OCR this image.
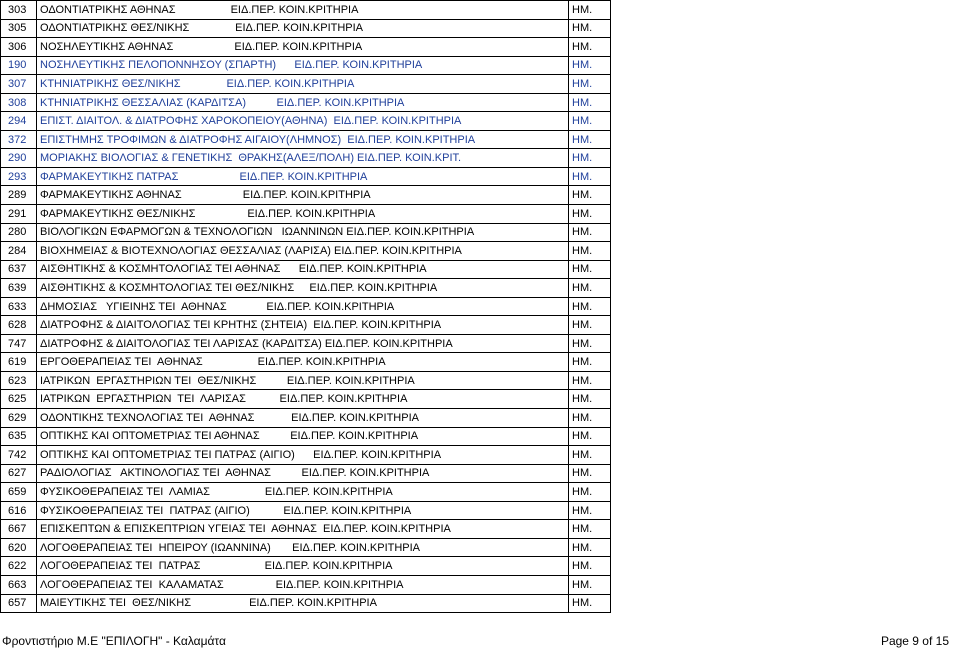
303	ΟΔΟΝΤΙΑΤΡΙΚΗΣ ΑΘΗΝΑΣ                  ΕΙΔ.ΠΕΡ. ΚΟΙΝ.ΚΡΙΤΗΡΙΑ	ΗΜ.
305	ΟΔΟΝΤΙΑΤΡΙΚΗΣ ΘΕΣ/ΝΙΚΗΣ               ΕΙΔ.ΠΕΡ. ΚΟΙΝ.ΚΡΙΤΗΡΙΑ	ΗΜ.
306	ΝΟΣΗΛΕΥΤΙΚΗΣ ΑΘΗΝΑΣ                    ΕΙΔ.ΠΕΡ. ΚΟΙΝ.ΚΡΙΤΗΡΙΑ	ΗΜ.
190	ΝΟΣΗΛΕΥΤΙΚΗΣ ΠΕΛΟΠΟΝΝΗΣΟΥ (ΣΠΑΡΤΗ)      ΕΙΔ.ΠΕΡ. ΚΟΙΝ.ΚΡΙΤΗΡΙΑ	ΗΜ.
307	ΚΤΗΝΙΑΤΡΙΚΗΣ ΘΕΣ/ΝΙΚΗΣ               ΕΙΔ.ΠΕΡ. ΚΟΙΝ.ΚΡΙΤΗΡΙΑ	ΗΜ.
308	ΚΤΗΝΙΑΤΡΙΚΗΣ ΘΕΣΣΑΛΙΑΣ (ΚΑΡΔΙΤΣΑ)          ΕΙΔ.ΠΕΡ. ΚΟΙΝ.ΚΡΙΤΗΡΙΑ	ΗΜ.
294	ΕΠΙΣΤ. ΔΙΑΙΤΟΛ. & ΔΙΑΤΡΟΦΗΣ ΧΑΡΟΚΟΠΕΙΟΥ(ΑΘΗΝΑ)  ΕΙΔ.ΠΕΡ. ΚΟΙΝ.ΚΡΙΤΗΡΙΑ	ΗΜ.
372	ΕΠΙΣΤΗΜΗΣ ΤΡΟΦΙΜΩΝ & ΔΙΑΤΡΟΦΗΣ ΑΙΓΑΙΟΥ(ΛΗΜΝΟΣ)  ΕΙΔ.ΠΕΡ. ΚΟΙΝ.ΚΡΙΤΗΡΙΑ	ΗΜ.
290	ΜΟΡΙΑΚΗΣ ΒΙΟΛΟΓΙΑΣ & ΓΕΝΕΤΙΚΗΣ  ΘΡΑΚΗΣ(ΑΛΕΞ/ΠΟΛΗ) ΕΙΔ.ΠΕΡ. ΚΟΙΝ.ΚΡΙΤ.	ΗΜ.
293	ΦΑΡΜΑΚΕΥΤΙΚΗΣ ΠΑΤΡΑΣ                    ΕΙΔ.ΠΕΡ. ΚΟΙΝ.ΚΡΙΤΗΡΙΑ	ΗΜ.
289	ΦΑΡΜΑΚΕΥΤΙΚΗΣ ΑΘΗΝΑΣ                    ΕΙΔ.ΠΕΡ. ΚΟΙΝ.ΚΡΙΤΗΡΙΑ	ΗΜ.
291	ΦΑΡΜΑΚΕΥΤΙΚΗΣ ΘΕΣ/ΝΙΚΗΣ                 ΕΙΔ.ΠΕΡ. ΚΟΙΝ.ΚΡΙΤΗΡΙΑ	ΗΜ.
280	ΒΙΟΛΟΓΙΚΩΝ ΕΦΑΡΜΟΓΩΝ & ΤΕΧΝΟΛΟΓΙΩΝ   ΙΩΑΝΝΙΝΩΝ ΕΙΔ.ΠΕΡ. ΚΟΙΝ.ΚΡΙΤΗΡΙΑ	ΗΜ.
284	ΒΙΟΧΗΜΕΙΑΣ & ΒΙΟΤΕΧΝΟΛΟΓΙΑΣ ΘΕΣΣΑΛΙΑΣ (ΛΑΡΙΣΑ) ΕΙΔ.ΠΕΡ. ΚΟΙΝ.ΚΡΙΤΗΡΙΑ	ΗΜ.
637	ΑΙΣΘΗΤΙΚΗΣ & ΚΟΣΜΗΤΟΛΟΓΙΑΣ ΤΕΙ ΑΘΗΝΑΣ      ΕΙΔ.ΠΕΡ. ΚΟΙΝ.ΚΡΙΤΗΡΙΑ	ΗΜ.
639	ΑΙΣΘΗΤΙΚΗΣ & ΚΟΣΜΗΤΟΛΟΓΙΑΣ ΤΕΙ ΘΕΣ/ΝΙΚΗΣ     ΕΙΔ.ΠΕΡ. ΚΟΙΝ.ΚΡΙΤΗΡΙΑ	ΗΜ.
633	ΔΗΜΟΣΙΑΣ   ΥΓΙΕΙΝΗΣ ΤΕΙ  ΑΘΗΝΑΣ             ΕΙΔ.ΠΕΡ. ΚΟΙΝ.ΚΡΙΤΗΡΙΑ	ΗΜ.
628	ΔΙΑΤΡΟΦΗΣ & ΔΙΑΙΤΟΛΟΓΙΑΣ ΤΕΙ ΚΡΗΤΗΣ (ΣΗΤΕΙΑ)  ΕΙΔ.ΠΕΡ. ΚΟΙΝ.ΚΡΙΤΗΡΙΑ	ΗΜ.
747	ΔΙΑΤΡΟΦΗΣ & ΔΙΑΙΤΟΛΟΓΙΑΣ ΤΕΙ ΛΑΡΙΣΑΣ (ΚΑΡΔΙΤΣΑ) ΕΙΔ.ΠΕΡ. ΚΟΙΝ.ΚΡΙΤΗΡΙΑ	ΗΜ.
619	ΕΡΓΟΘΕΡΑΠΕΙΑΣ ΤΕΙ  ΑΘΗΝΑΣ                  ΕΙΔ.ΠΕΡ. ΚΟΙΝ.ΚΡΙΤΗΡΙΑ	ΗΜ.
623	ΙΑΤΡΙΚΩΝ  ΕΡΓΑΣΤΗΡΙΩΝ ΤΕΙ  ΘΕΣ/ΝΙΚΗΣ          ΕΙΔ.ΠΕΡ. ΚΟΙΝ.ΚΡΙΤΗΡΙΑ	ΗΜ.
625	ΙΑΤΡΙΚΩΝ  ΕΡΓΑΣΤΗΡΙΩΝ  ΤΕΙ  ΛΑΡΙΣΑΣ           ΕΙΔ.ΠΕΡ. ΚΟΙΝ.ΚΡΙΤΗΡΙΑ	ΗΜ.
629	ΟΔΟΝΤΙΚΗΣ ΤΕΧΝΟΛΟΓΙΑΣ ΤΕΙ  ΑΘΗΝΑΣ            ΕΙΔ.ΠΕΡ. ΚΟΙΝ.ΚΡΙΤΗΡΙΑ	ΗΜ.
635	ΟΠΤΙΚΗΣ ΚΑΙ ΟΠΤΟΜΕΤΡΙΑΣ ΤΕΙ ΑΘΗΝΑΣ          ΕΙΔ.ΠΕΡ. ΚΟΙΝ.ΚΡΙΤΗΡΙΑ	ΗΜ.
742	ΟΠΤΙΚΗΣ ΚΑΙ ΟΠΤΟΜΕΤΡΙΑΣ ΤΕΙ ΠΑΤΡΑΣ (ΑΙΓΙΟ)      ΕΙΔ.ΠΕΡ. ΚΟΙΝ.ΚΡΙΤΗΡΙΑ	ΗΜ.
627	ΡΑΔΙΟΛΟΓΙΑΣ   ΑΚΤΙΝΟΛΟΓΙΑΣ ΤΕΙ  ΑΘΗΝΑΣ          ΕΙΔ.ΠΕΡ. ΚΟΙΝ.ΚΡΙΤΗΡΙΑ	ΗΜ.
659	ΦΥΣΙΚΟΘΕΡΑΠΕΙΑΣ ΤΕΙ  ΛΑΜΙΑΣ                  ΕΙΔ.ΠΕΡ. ΚΟΙΝ.ΚΡΙΤΗΡΙΑ	ΗΜ.
616	ΦΥΣΙΚΟΘΕΡΑΠΕΙΑΣ ΤΕΙ  ΠΑΤΡΑΣ (ΑΙΓΙΟ)           ΕΙΔ.ΠΕΡ. ΚΟΙΝ.ΚΡΙΤΗΡΙΑ	ΗΜ.
667	ΕΠΙΣΚΕΠΤΩΝ & ΕΠΙΣΚΕΠΤΡΙΩΝ ΥΓΕΙΑΣ ΤΕΙ  ΑΘΗΝΑΣ  ΕΙΔ.ΠΕΡ. ΚΟΙΝ.ΚΡΙΤΗΡΙΑ	ΗΜ.
620	ΛΟΓΟΘΕΡΑΠΕΙΑΣ ΤΕΙ  ΗΠΕΙΡΟΥ (ΙΩΑΝΝΙΝΑ)       ΕΙΔ.ΠΕΡ. ΚΟΙΝ.ΚΡΙΤΗΡΙΑ	ΗΜ.
622	ΛΟΓΟΘΕΡΑΠΕΙΑΣ ΤΕΙ  ΠΑΤΡΑΣ                     ΕΙΔ.ΠΕΡ. ΚΟΙΝ.ΚΡΙΤΗΡΙΑ	ΗΜ.
663	ΛΟΓΟΘΕΡΑΠΕΙΑΣ ΤΕΙ  ΚΑΛΑΜΑΤΑΣ                 ΕΙΔ.ΠΕΡ. ΚΟΙΝ.ΚΡΙΤΗΡΙΑ	ΗΜ.
657	ΜΑΙΕΥΤΙΚΗΣ ΤΕΙ  ΘΕΣ/ΝΙΚΗΣ                   ΕΙΔ.ΠΕΡ. ΚΟΙΝ.ΚΡΙΤΗΡΙΑ	ΗΜ.
Φροντιστήριο Μ.Ε "ΕΠΙΛΟΓΗ" - Καλαμάτα	Page 9 of 15
